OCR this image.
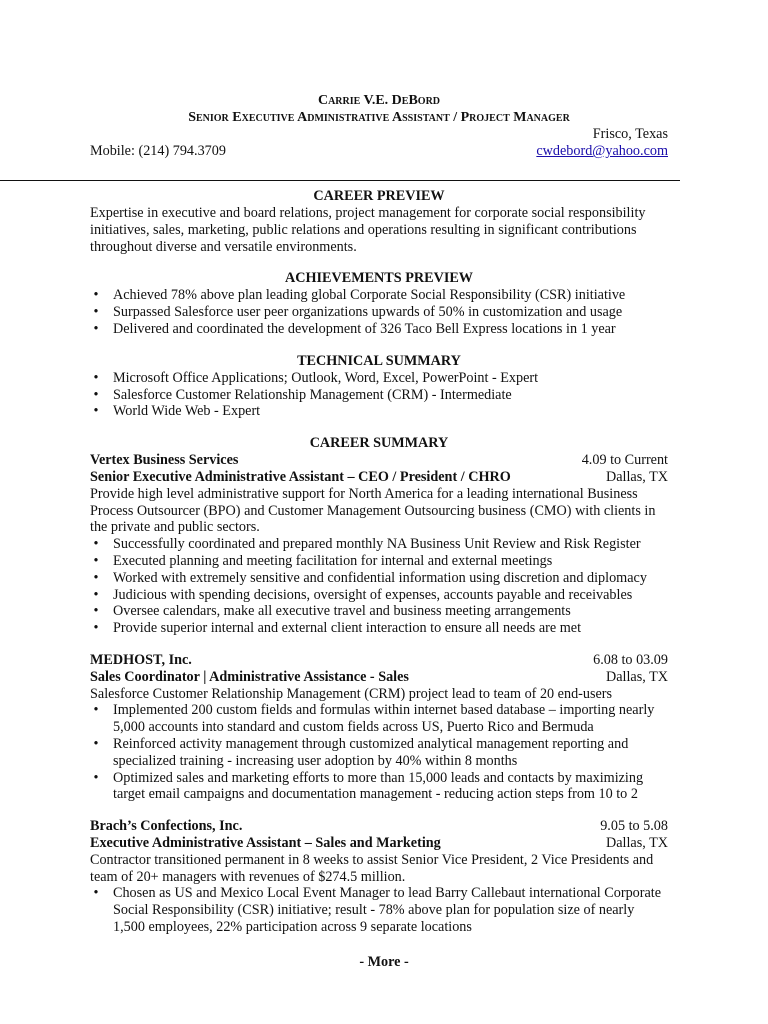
Carrie V.E. DeBord
Senior Executive Administrative Assistant / Project Manager
Frisco, Texas
Mobile: (214) 794.3709	cwdebord@yahoo.com
CAREER PREVIEW

Expertise in executive and board relations, project management for corporate social responsibility initiatives, sales, marketing, public relations and operations resulting in significant contributions throughout diverse and versatile environments.

ACHIEVEMENTS PREVIEW
• Achieved 78% above plan leading global Corporate Social Responsibility (CSR) initiative
• Surpassed Salesforce user peer organizations upwards of 50% in customization and usage
• Delivered and coordinated the development of 326 Taco Bell Express locations in 1 year
TECHNICAL SUMMARY
• Microsoft Office Applications; Outlook, Word, Excel, PowerPoint - Expert
• Salesforce Customer Relationship Management (CRM) - Intermediate
• World Wide Web - Expert
CAREER SUMMARY
Vertex Business Services	4.09 to Current
Senior Executive Administrative Assistant – CEO / President / CHRO	Dallas, TX

Provide high level administrative support for North America for a leading international Business Process Outsourcer (BPO) and Customer Management Outsourcing business (CMO) with clients in the private and public sectors.

• Successfully coordinated and prepared monthly NA Business Unit Review and Risk Register
• Executed planning and meeting facilitation for internal and external meetings
• Worked with extremely sensitive and confidential information using discretion and diplomacy
• Judicious with spending decisions, oversight of expenses, accounts payable and receivables
• Oversee calendars, make all executive travel and business meeting arrangements
• Provide superior internal and external client interaction to ensure all needs are met
MEDHOST, Inc.	6.08 to 03.09
Sales Coordinator | Administrative Assistance - Sales	Dallas, TX

Salesforce Customer Relationship Management (CRM) project lead to team of 20 end-users

• Implemented 200 custom fields and formulas within internet based database – importing nearly 5,000 accounts into standard and custom fields across US, Puerto Rico and Bermuda
• Reinforced activity management through customized analytical management reporting and specialized training - increasing user adoption by 40% within 8 months
• Optimized sales and marketing efforts to more than 15,000 leads and contacts by maximizing target email campaigns and documentation management - reducing action steps from 10 to 2
Brach’s Confections, Inc.	9.05 to 5.08
Executive Administrative Assistant – Sales and Marketing	Dallas, TX

Contractor transitioned permanent in 8 weeks to assist Senior Vice President, 2 Vice Presidents and team of 20+ managers with revenues of $274.5 million.

• Chosen as US and Mexico Local Event Manager to lead Barry Callebaut international Corporate Social Responsibility (CSR) initiative; result - 78% above plan for population size of nearly 1,500 employees, 22% participation across 9 separate locations
- More -
